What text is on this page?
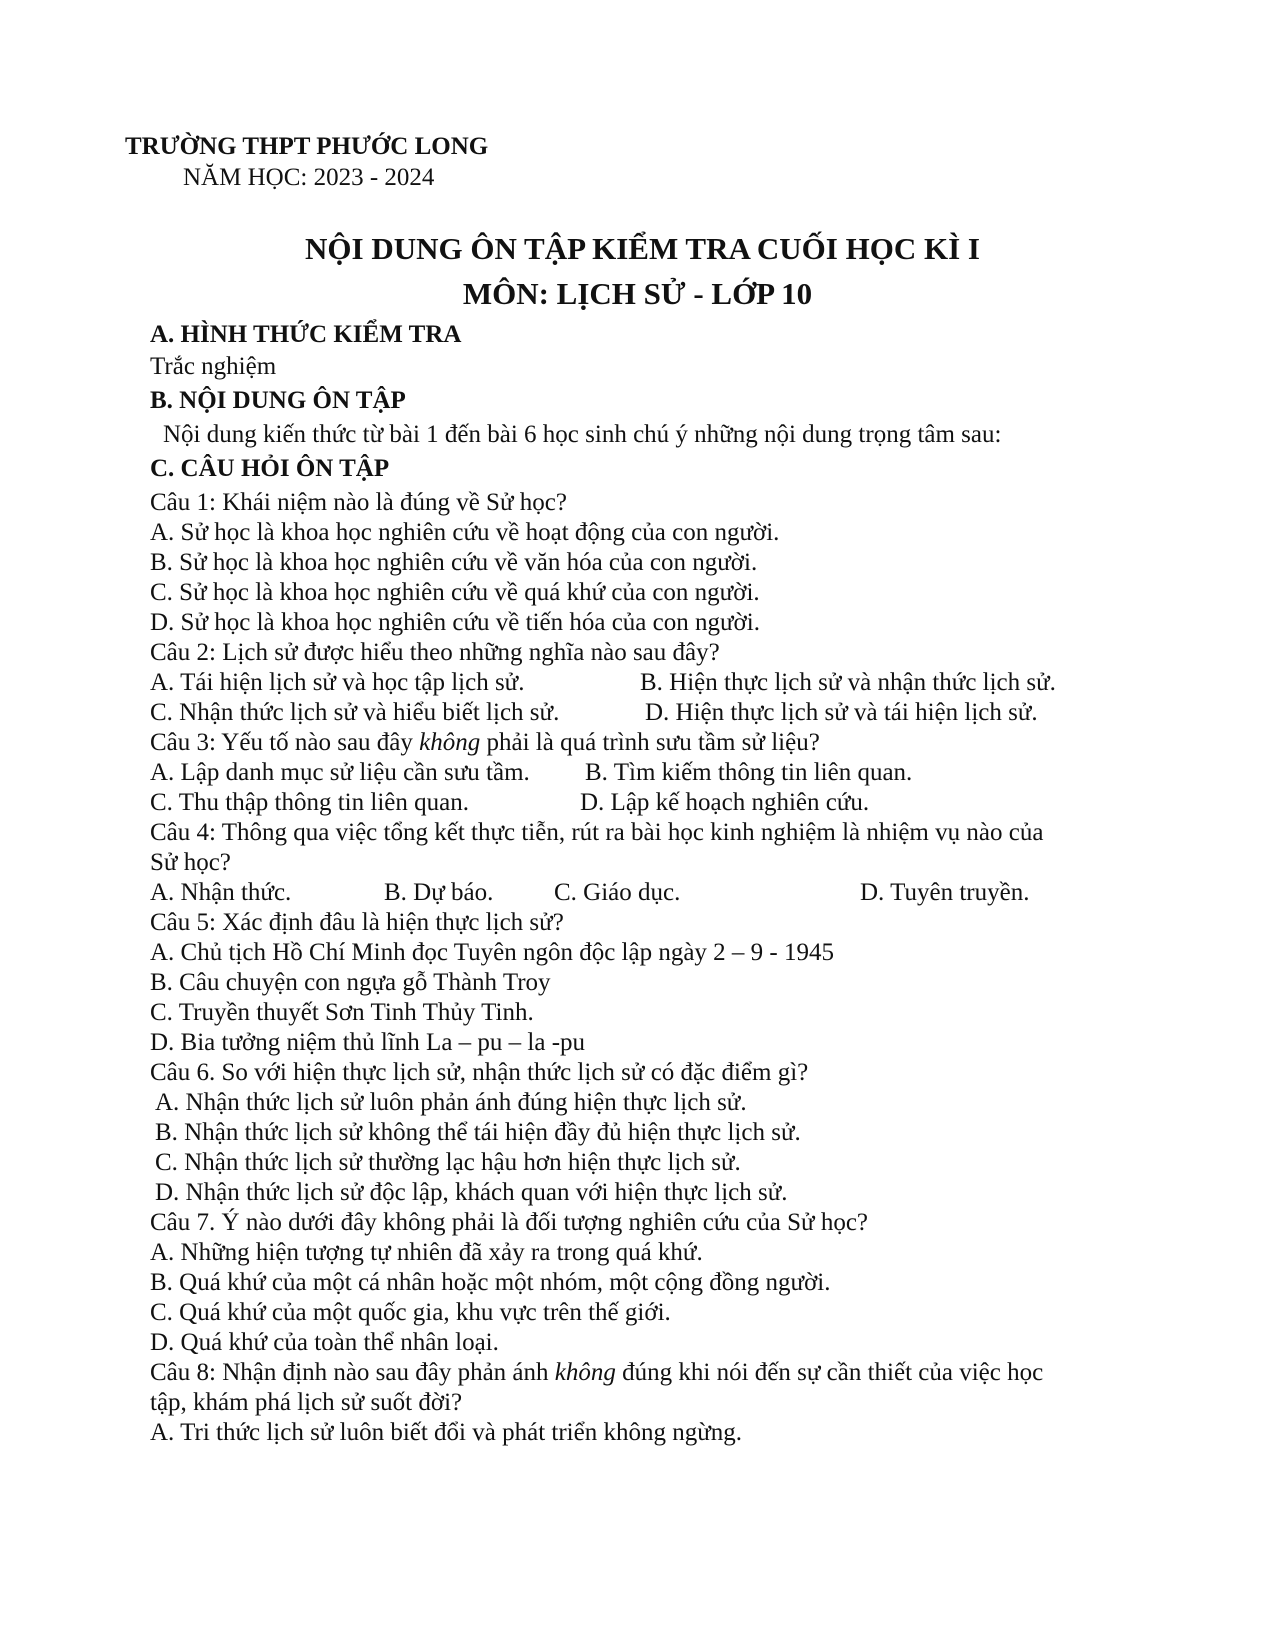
TRƯỜNG THPT PHƯỚC LONG
NĂM HỌC: 2023 - 2024
NỘI DUNG ÔN TẬP KIỂM TRA CUỐI HỌC KÌ I
MÔN: LỊCH SỬ - LỚP 10
A. HÌNH THỨC KIỂM TRA
Trắc nghiệm
B. NỘI DUNG ÔN TẬP
Nội dung kiến thức từ bài 1 đến bài 6 học sinh chú ý những nội dung trọng tâm sau:
C. CÂU HỎI ÔN TẬP
Câu 1: Khái niệm nào là đúng về Sử học?
A. Sử học là khoa học nghiên cứu về hoạt động của con người.
B. Sử học là khoa học nghiên cứu về văn hóa của con người.
C. Sử học là khoa học nghiên cứu về quá khứ của con người.
D. Sử học là khoa học nghiên cứu về tiến hóa của con người.
Câu 2: Lịch sử được hiểu theo những nghĩa nào sau đây?
A. Tái hiện lịch sử và học tập lịch sử.	B. Hiện thực lịch sử và nhận thức lịch sử.
C. Nhận thức lịch sử và hiểu biết lịch sử.	D. Hiện thực lịch sử và tái hiện lịch sử.
Câu 3: Yếu tố nào sau đây không phải là quá trình sưu tầm sử liệu?
A. Lập danh mục sử liệu cần sưu tầm. B. Tìm kiếm thông tin liên quan.
C. Thu thập thông tin liên quan.	D. Lập kế hoạch nghiên cứu.
Câu 4: Thông qua việc tổng kết thực tiễn, rút ra bài học kinh nghiệm là nhiệm vụ nào của
Sử học?
A. Nhận thức.	B. Dự báo. C. Giáo dục.	D. Tuyên truyền.
Câu 5: Xác định đâu là hiện thực lịch sử?
A. Chủ tịch Hồ Chí Minh đọc Tuyên ngôn độc lập ngày 2 – 9 - 1945
B. Câu chuyện con ngựa gỗ Thành Troy
C. Truyền thuyết Sơn Tinh Thủy Tinh.
D. Bia tưởng niệm thủ lĩnh La – pu – la -pu
Câu 6. So với hiện thực lịch sử, nhận thức lịch sử có đặc điểm gì?
A. Nhận thức lịch sử luôn phản ánh đúng hiện thực lịch sử.
B. Nhận thức lịch sử không thể tái hiện đầy đủ hiện thực lịch sử.
C. Nhận thức lịch sử thường lạc hậu hơn hiện thực lịch sử.
D. Nhận thức lịch sử độc lập, khách quan với hiện thực lịch sử.
Câu 7. Ý nào dưới đây không phải là đối tượng nghiên cứu của Sử học?
A. Những hiện tượng tự nhiên đã xảy ra trong quá khứ.
B. Quá khứ của một cá nhân hoặc một nhóm, một cộng đồng người.
C. Quá khứ của một quốc gia, khu vực trên thế giới.
D. Quá khứ của toàn thể nhân loại.
Câu 8: Nhận định nào sau đây phản ánh không đúng khi nói đến sự cần thiết của việc học
tập, khám phá lịch sử suốt đời?
A. Tri thức lịch sử luôn biết đổi và phát triển không ngừng.
